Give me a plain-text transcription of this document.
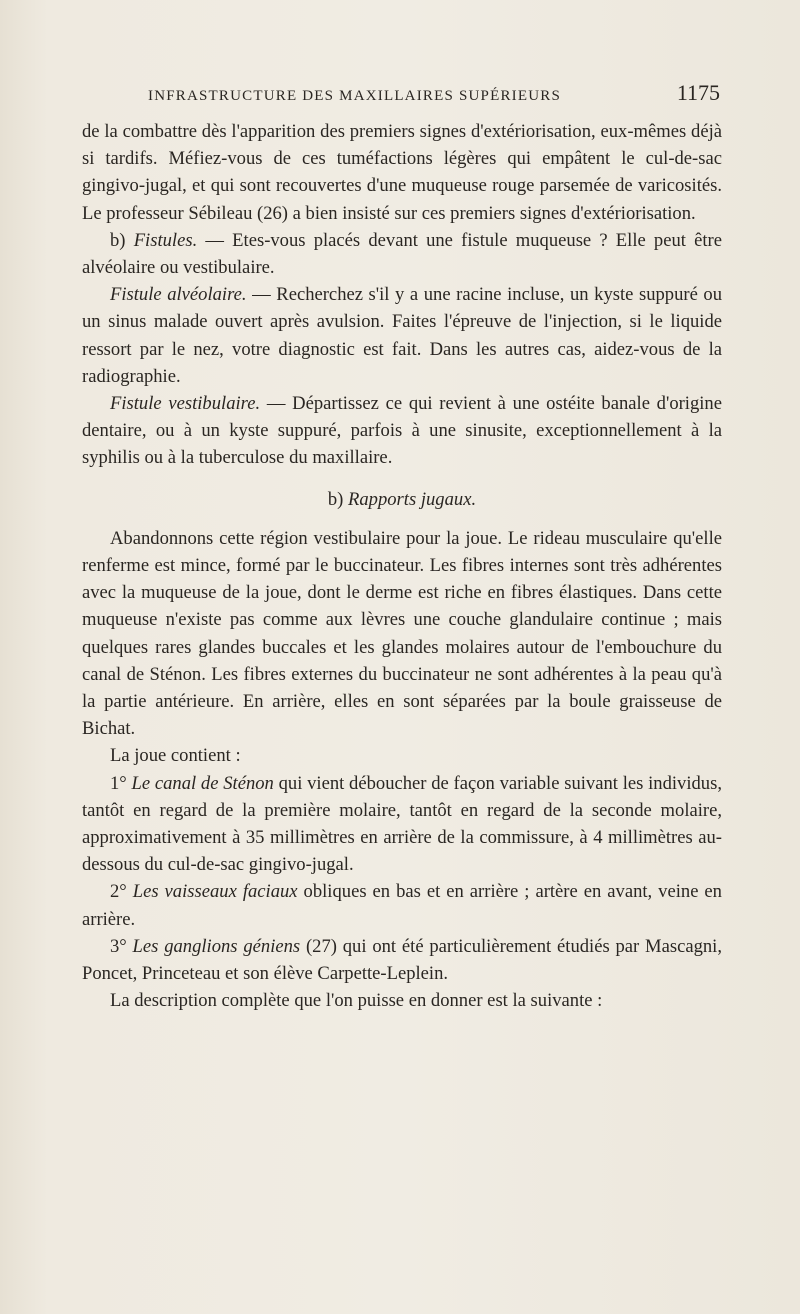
INFRASTRUCTURE DES MAXILLAIRES SUPÉRIEURS	1175

de la combattre dès l'apparition des premiers signes d'extériorisation, eux-mêmes déjà si tardifs. Méfiez-vous de ces tuméfactions légères qui empâtent le cul-de-sac gingivo-jugal, et qui sont recouvertes d'une muqueuse rouge parsemée de varicosités. Le professeur Sébileau (26) a bien insisté sur ces premiers signes d'extériorisation.

b) Fistules. — Etes-vous placés devant une fistule muqueuse ? Elle peut être alvéolaire ou vestibulaire.

Fistule alvéolaire. — Recherchez s'il y a une racine incluse, un kyste suppuré ou un sinus malade ouvert après avulsion. Faites l'épreuve de l'injection, si le liquide ressort par le nez, votre diagnostic est fait. Dans les autres cas, aidez-vous de la radiographie.

Fistule vestibulaire. — Départissez ce qui revient à une ostéite banale d'origine dentaire, ou à un kyste suppuré, parfois à une sinusite, exceptionnellement à la syphilis ou à la tuberculose du maxillaire.

b) Rapports jugaux.

Abandonnons cette région vestibulaire pour la joue. Le rideau musculaire qu'elle renferme est mince, formé par le buccinateur. Les fibres internes sont très adhérentes avec la muqueuse de la joue, dont le derme est riche en fibres élastiques. Dans cette muqueuse n'existe pas comme aux lèvres une couche glandulaire continue ; mais quelques rares glandes buccales et les glandes molaires autour de l'embouchure du canal de Sténon. Les fibres externes du buccinateur ne sont adhérentes à la peau qu'à la partie antérieure. En arrière, elles en sont séparées par la boule graisseuse de Bichat.

La joue contient :

1° Le canal de Sténon qui vient déboucher de façon variable suivant les individus, tantôt en regard de la première molaire, tantôt en regard de la seconde molaire, approximativement à 35 millimètres en arrière de la commissure, à 4 millimètres au-dessous du cul-de-sac gingivo-jugal.

2° Les vaisseaux faciaux obliques en bas et en arrière ; artère en avant, veine en arrière.

3° Les ganglions géniens (27) qui ont été particulièrement étudiés par Mascagni, Poncet, Princeteau et son élève Carpette-Leplein.

La description complète que l'on puisse en donner est la suivante :
